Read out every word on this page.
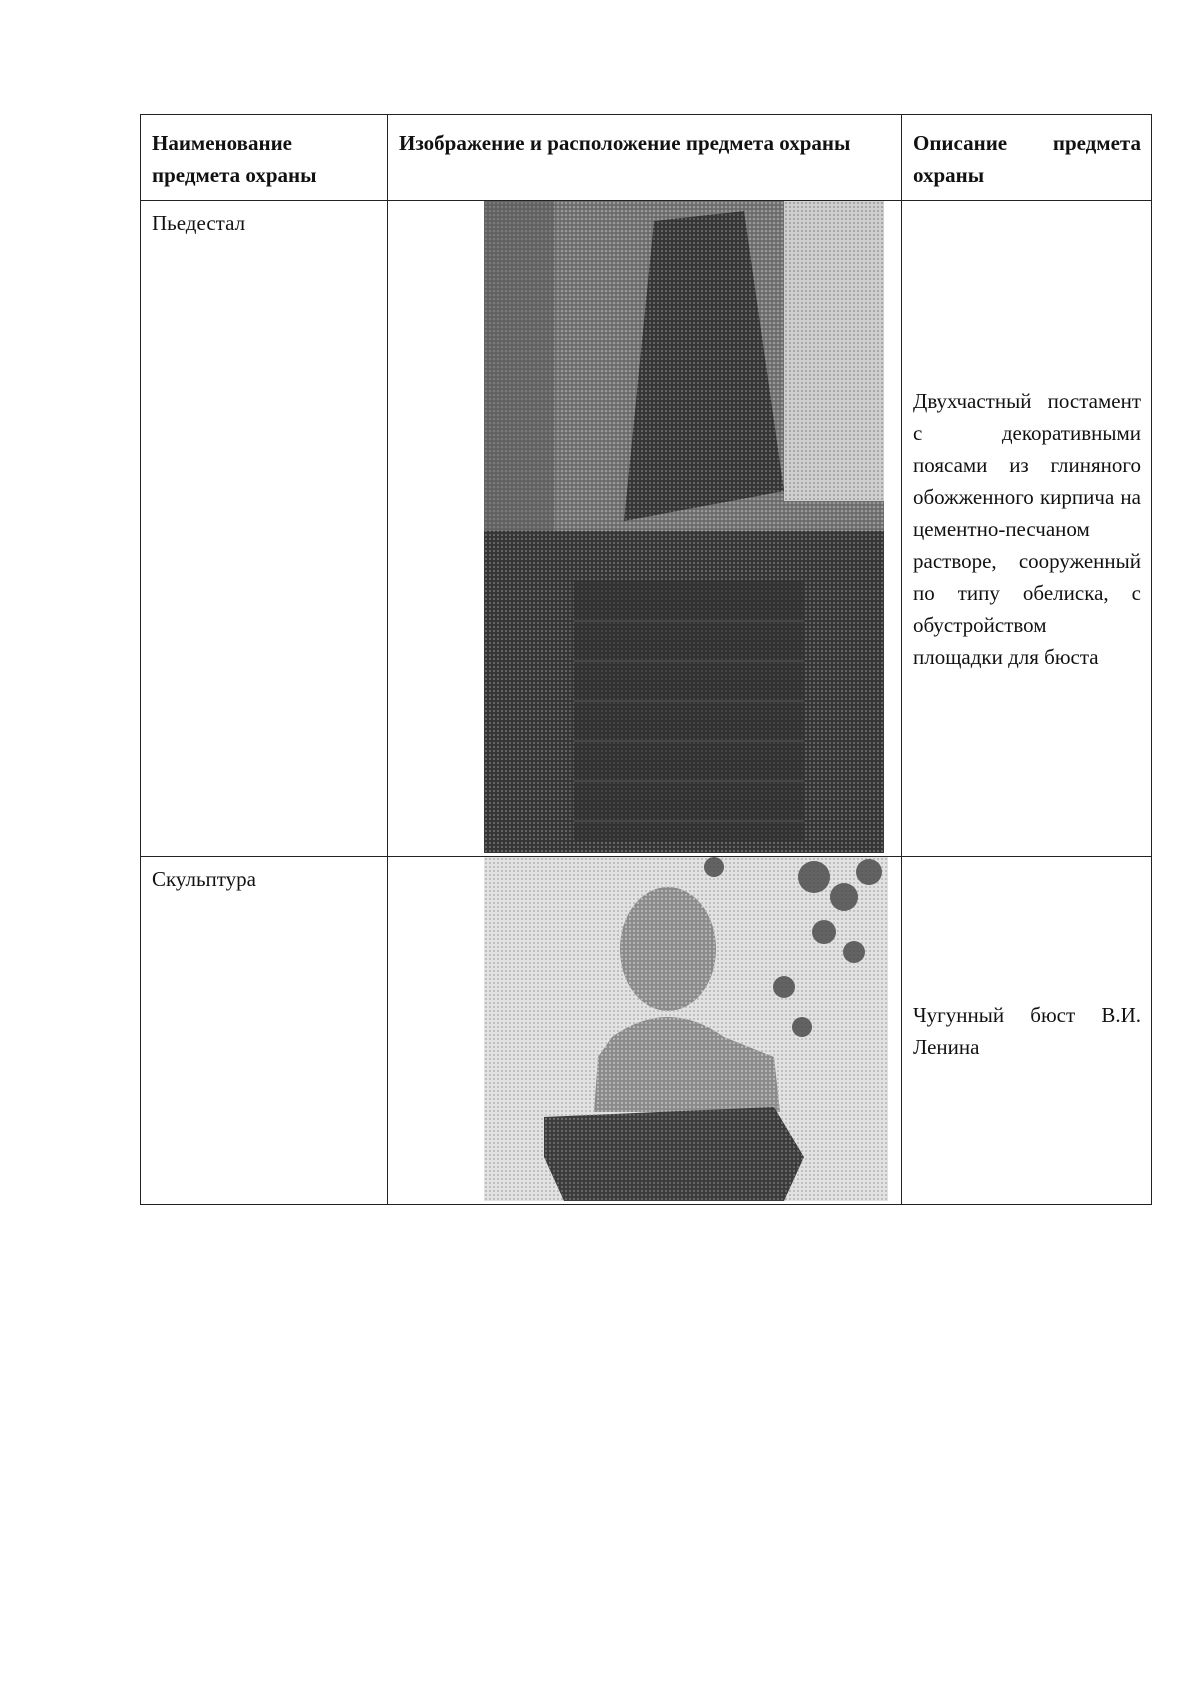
Наименование предмета охраны	Изображение и расположение предмета охраны	Описание предмета охраны
Пьедестал		Двухчастный постамент с декоративными поясами из глиняного обожженного кирпича на цементно-песчаном растворе, сооруженный по типу обелиска, с обустройством площадки для бюста
Скульптура		Чугунный бюст В.И. Ленина
